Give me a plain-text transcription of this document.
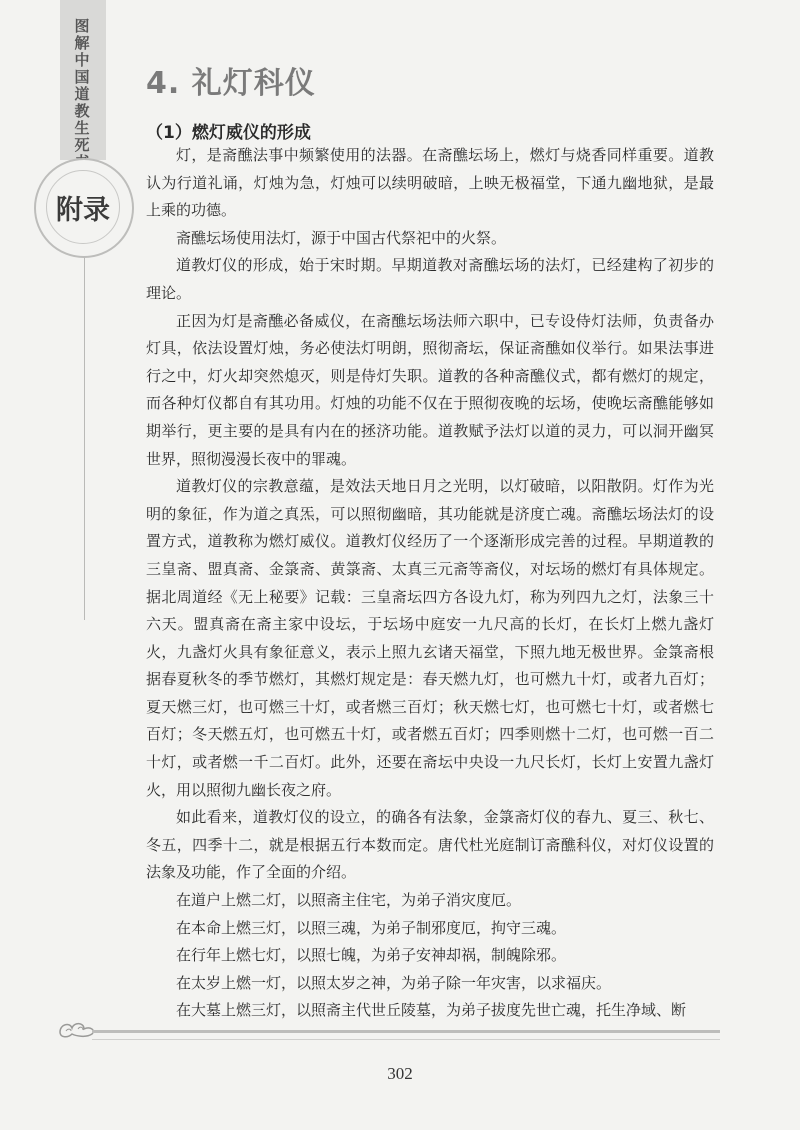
图解中国道教生死
附录
4. 礼灯科仪
（1）燃灯威仪的形成

灯，是斋醮法事中频繁使用的法器。在斋醮坛场上，燃灯与烧香同样重要。道教认为行道礼诵，灯烛为急，灯烛可以续明破暗，上映无极福堂，下通九幽地狱，是最上乘的功德。

斋醮坛场使用法灯，源于中国古代祭祀中的火祭。

道教灯仪的形成，始于宋时期。早期道教对斋醮坛场的法灯，已经建构了初步的理论。

正因为灯是斋醮必备威仪，在斋醮坛场法师六职中，已专设侍灯法师，负责备办灯具，依法设置灯烛，务必使法灯明朗，照彻斋坛，保证斋醮如仪举行。如果法事进行之中，灯火却突然熄灭，则是侍灯失职。道教的各种斋醮仪式，都有燃灯的规定，而各种灯仪都自有其功用。灯烛的功能不仅在于照彻夜晚的坛场，使晚坛斋醮能够如期举行，更主要的是具有内在的拯济功能。道教赋予法灯以道的灵力，可以洞开幽冥世界，照彻漫漫长夜中的罪魂。

道教灯仪的宗教意蕴，是效法天地日月之光明，以灯破暗，以阳散阴。灯作为光明的象征，作为道之真炁，可以照彻幽暗，其功能就是济度亡魂。斋醮坛场法灯的设置方式，道教称为燃灯威仪。道教灯仪经历了一个逐渐形成完善的过程。早期道教的三皇斋、盟真斋、金箓斋、黄箓斋、太真三元斋等斋仪，对坛场的燃灯有具体规定。据北周道经《无上秘要》记载：三皇斋坛四方各设九灯，称为列四九之灯，法象三十六天。盟真斋在斋主家中设坛，于坛场中庭安一九尺高的长灯，在长灯上燃九盏灯火，九盏灯火具有象征意义，表示上照九玄诸天福堂，下照九地无极世界。金箓斋根据春夏秋冬的季节燃灯，其燃灯规定是：春天燃九灯，也可燃九十灯，或者九百灯；夏天燃三灯，也可燃三十灯，或者燃三百灯；秋天燃七灯，也可燃七十灯，或者燃七百灯；冬天燃五灯，也可燃五十灯，或者燃五百灯；四季则燃十二灯，也可燃一百二十灯，或者燃一千二百灯。此外，还要在斋坛中央设一九尺长灯，长灯上安置九盏灯火，用以照彻九幽长夜之府。

如此看来，道教灯仪的设立，的确各有法象，金箓斋灯仪的春九、夏三、秋七、冬五，四季十二，就是根据五行本数而定。唐代杜光庭制订斋醮科仪，对灯仪设置的法象及功能，作了全面的介绍。

在道户上燃二灯，以照斋主住宅，为弟子消灾度厄。

在本命上燃三灯，以照三魂，为弟子制邪度厄，拘守三魂。

在行年上燃七灯，以照七魄，为弟子安神却祸，制魄除邪。

在太岁上燃一灯，以照太岁之神，为弟子除一年灾害，以求福庆。

在大墓上燃三灯，以照斋主代世丘陵墓，为弟子拔度先世亡魂，托生净域、断

302
